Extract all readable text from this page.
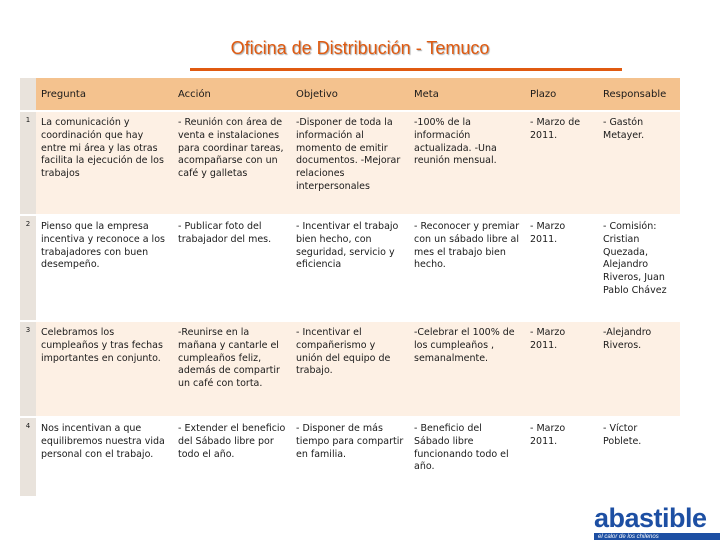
Oficina de Distribución - Temuco
	Pregunta	Acción	Objetivo	Meta	Plazo	Responsable
1	La comunicación y coordinación que hay entre mi área y las otras facilita la ejecución de los trabajos	- Reunión con área de venta e instalaciones para coordinar tareas, acompañarse con un café y galletas	-Disponer de toda la información al momento de emitir documentos. -Mejorar relaciones interpersonales	-100% de la información actualizada. -Una reunión mensual.	- Marzo de 2011.	- Gastón Metayer.
2	Pienso que la empresa incentiva y reconoce a los trabajadores con buen desempeño.	- Publicar foto del trabajador del mes.	- Incentivar el trabajo bien hecho, con seguridad, servicio y eficiencia	- Reconocer y premiar con un sábado libre al mes el trabajo bien hecho.	- Marzo 2011.	- Comisión: Cristian Quezada, Alejandro Riveros, Juan Pablo Chávez
3	Celebramos los cumpleaños y tras fechas importantes en conjunto.	-Reunirse en la mañana y cantarle el cumpleaños feliz, además de compartir un café con torta.	- Incentivar el compañerismo y unión del equipo de trabajo.	-Celebrar el 100% de los cumpleaños , semanalmente.	- Marzo 2011.	-Alejandro Riveros.
4	Nos incentivan a que equilibremos nuestra vida personal con el trabajo.	- Extender el beneficio del Sábado libre por todo el año.	- Disponer de más tiempo para compartir en familia.	- Beneficio del Sábado libre funcionando todo el año.	- Marzo 2011.	- Víctor Poblete.
abastible
el calor de los chilenos
